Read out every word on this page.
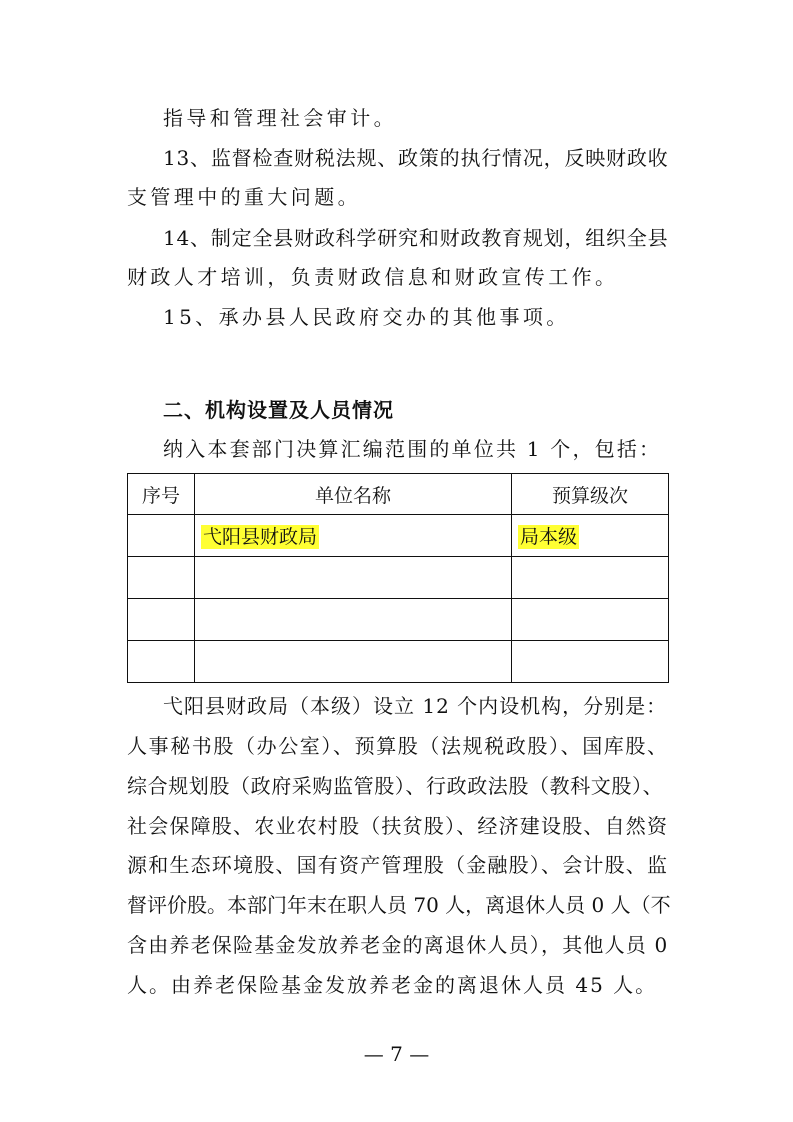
指导和管理社会审计。
13、监督检查财税法规、政策的执行情况，反映财政收
支管理中的重大问题。
14、制定全县财政科学研究和财政教育规划，组织全县
财政人才培训，负责财政信息和财政宣传工作。
15、承办县人民政府交办的其他事项。
二、机构设置及人员情况
纳入本套部门决算汇编范围的单位共 1 个，包括：
序号	单位名称	预算级次
	弋阳县财政局	局本级

弋阳县财政局（本级）设立 12 个内设机构，分别是：
人事秘书股（办公室）、预算股（法规税政股）、国库股、
综合规划股（政府采购监管股）、行政政法股（教科文股）、
社会保障股、农业农村股（扶贫股）、经济建设股、自然资
源和生态环境股、国有资产管理股（金融股）、会计股、监
督评价股。本部门年末在职人员 70 人，离退休人员 0 人（不
含由养老保险基金发放养老金的离退休人员），其他人员 0
人。由养老保险基金发放养老金的离退休人员 45 人。
— 7 —
